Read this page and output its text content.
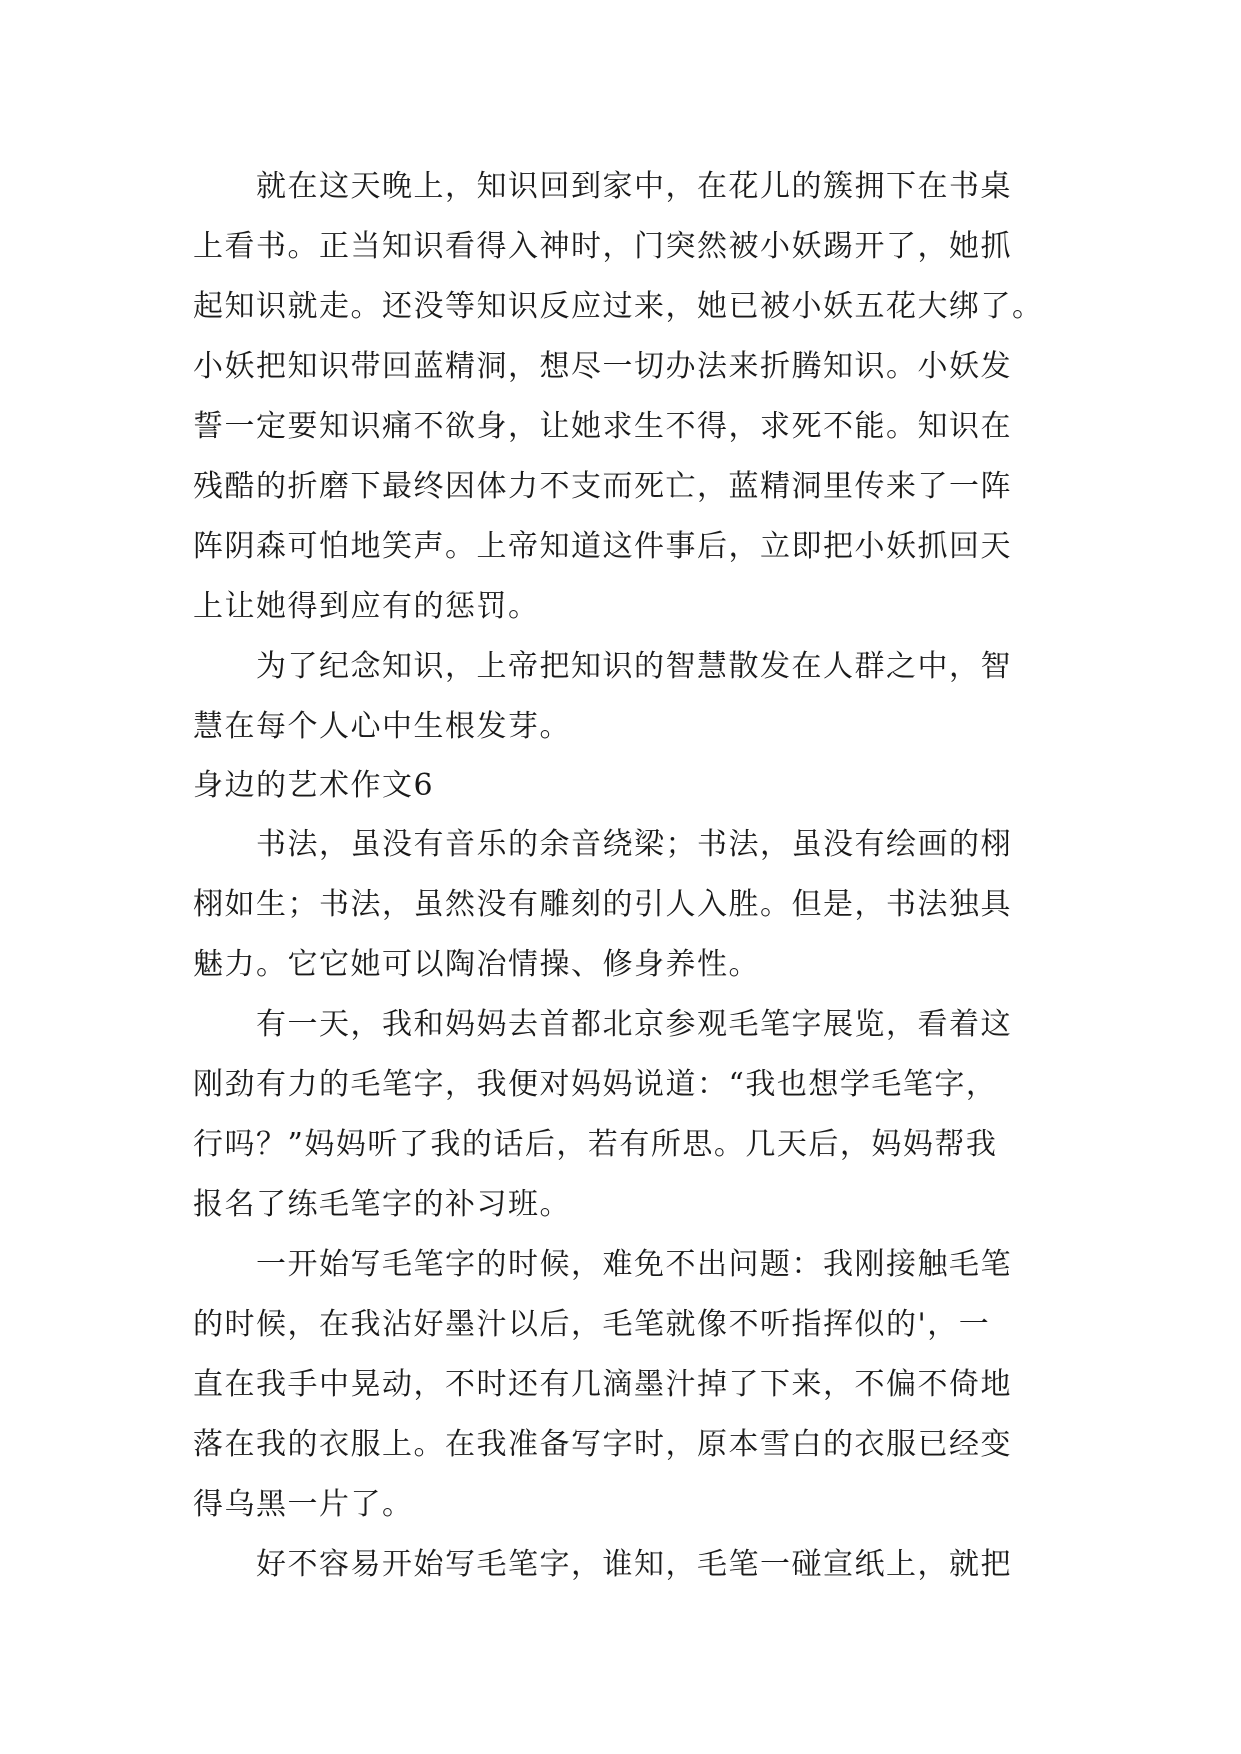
　　就在这天晚上，知识回到家中，在花儿的簇拥下在书桌
上看书。正当知识看得入神时，门突然被小妖踢开了，她抓
起知识就走。还没等知识反应过来，她已被小妖五花大绑了。
小妖把知识带回蓝精洞，想尽一切办法来折腾知识。小妖发
誓一定要知识痛不欲身，让她求生不得，求死不能。知识在
残酷的折磨下最终因体力不支而死亡，蓝精洞里传来了一阵
阵阴森可怕地笑声。上帝知道这件事后，立即把小妖抓回天
上让她得到应有的惩罚。
　　为了纪念知识，上帝把知识的智慧散发在人群之中，智
慧在每个人心中生根发芽。
身边的艺术作文6
　　书法，虽没有音乐的余音绕梁；书法，虽没有绘画的栩
栩如生；书法，虽然没有雕刻的引人入胜。但是，书法独具
魅力。它它她可以陶冶情操、修身养性。
　　有一天，我和妈妈去首都北京参观毛笔字展览，看着这
刚劲有力的毛笔字，我便对妈妈说道：“我也想学毛笔字，
行吗？”妈妈听了我的话后，若有所思。几天后，妈妈帮我
报名了练毛笔字的补习班。
　　一开始写毛笔字的时候，难免不出问题：我刚接触毛笔
的时候，在我沾好墨汁以后，毛笔就像不听指挥似的'，一
直在我手中晃动，不时还有几滴墨汁掉了下来，不偏不倚地
落在我的衣服上。在我准备写字时，原本雪白的衣服已经变
得乌黑一片了。
　　好不容易开始写毛笔字，谁知，毛笔一碰宣纸上，就把
